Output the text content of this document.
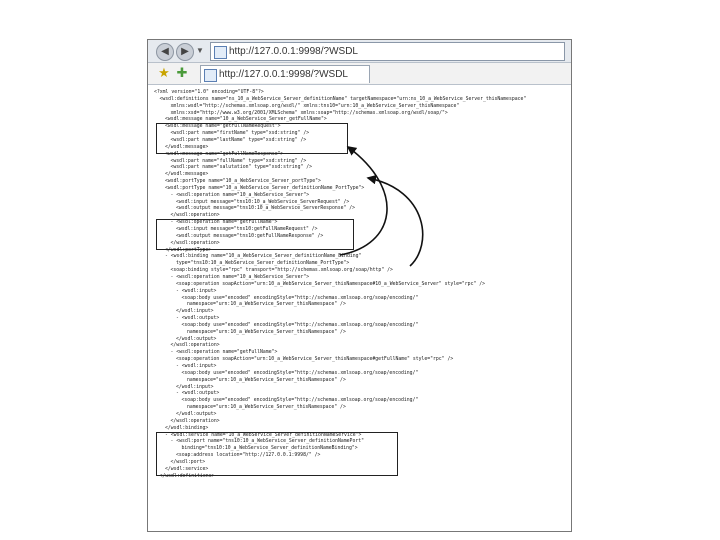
◀	▶ ▼	http://127.0.0.1:9998/?WSDL
★ ✚	http://127.0.0.1:9998/?WSDL
<?xml version="1.0" encoding="UTF-8"?>
<wsdl:definitions name="ns_10_a_WebService_Server_definitionName" targetNamespace="urn:ns_10_a_WebService_Server_thisNamespace"
xmlns:wsdl="http://schemas.xmlsoap.org/wsdl/" xmlns:tns10="urn:10_a_WebService_Server_thisNamespace"
xmlns:xsd="http://www.w3.org/2001/XMLSchema" xmlns:soap="http://schemas.xmlsoap.org/wsdl/soap/">
<wsdl:message name="10_a_WebService_Server_getFullName">
<wsdl:message name="getFullNameRequest">
<wsdl:part name="firstName" type="xsd:string" />
<wsdl:part name="lastName" type="xsd:string" />
</wsdl:message>
<wsdl:message name="getFullNameResponse">
<wsdl:part name="fullName" type="xsd:string" />
<wsdl:part name="salutation" type="xsd:string" />
</wsdl:message>
<wsdl:portType name="10_a_WebService_Server_portType">
<wsdl:portType name="10_a_WebService_Server_definitionName_PortType">
- <wsdl:operation name="10_a_WebService_Server">
<wsdl:input message="tns10:10_a_WebService_ServerRequest" />
<wsdl:output message="tns10:10_a_WebService_ServerResponse" />
</wsdl:operation>
- <wsdl:operation name="getFullName">
<wsdl:input message="tns10:getFullNameRequest" />
<wsdl:output message="tns10:getFullNameResponse" />
</wsdl:operation>
</wsdl:portType>
- <wsdl:binding name="10_a_WebService_Server_definitionName_Binding"
type="tns10:10_a_WebService_Server_definitionName_PortType">
<soap:binding style="rpc" transport="http://schemas.xmlsoap.org/soap/http" />
- <wsdl:operation name="10_a_WebService_Server">
<soap:operation soapAction="urn:10_a_WebService_Server_thisNamespace#10_a_WebService_Server" style="rpc" />
- <wsdl:input>
<soap:body use="encoded" encodingStyle="http://schemas.xmlsoap.org/soap/encoding/"
namespace="urn:10_a_WebService_Server_thisNamespace" />
</wsdl:input>
- <wsdl:output>
<soap:body use="encoded" encodingStyle="http://schemas.xmlsoap.org/soap/encoding/"
namespace="urn:10_a_WebService_Server_thisNamespace" />
</wsdl:output>
</wsdl:operation>
- <wsdl:operation name="getFullName">
<soap:operation soapAction="urn:10_a_WebService_Server_thisNamespace#getFullName" style="rpc" />
- <wsdl:input>
<soap:body use="encoded" encodingStyle="http://schemas.xmlsoap.org/soap/encoding/"
namespace="urn:10_a_WebService_Server_thisNamespace" />
</wsdl:input>
- <wsdl:output>
<soap:body use="encoded" encodingStyle="http://schemas.xmlsoap.org/soap/encoding/"
namespace="urn:10_a_WebService_Server_thisNamespace" />
</wsdl:output>
</wsdl:operation>
</wsdl:binding>
- <wsdl:service name="10_a_WebService_Server_definitionNameService">
- <wsdl:port name="tns10:10_a_WebService_Server_definitionNamePort"
binding="tns10:10_a_WebService_Server_definitionNameBinding">
<soap:address location="http://127.0.0.1:9998/" />
</wsdl:port>
</wsdl:service>
</wsdl:definitions>
